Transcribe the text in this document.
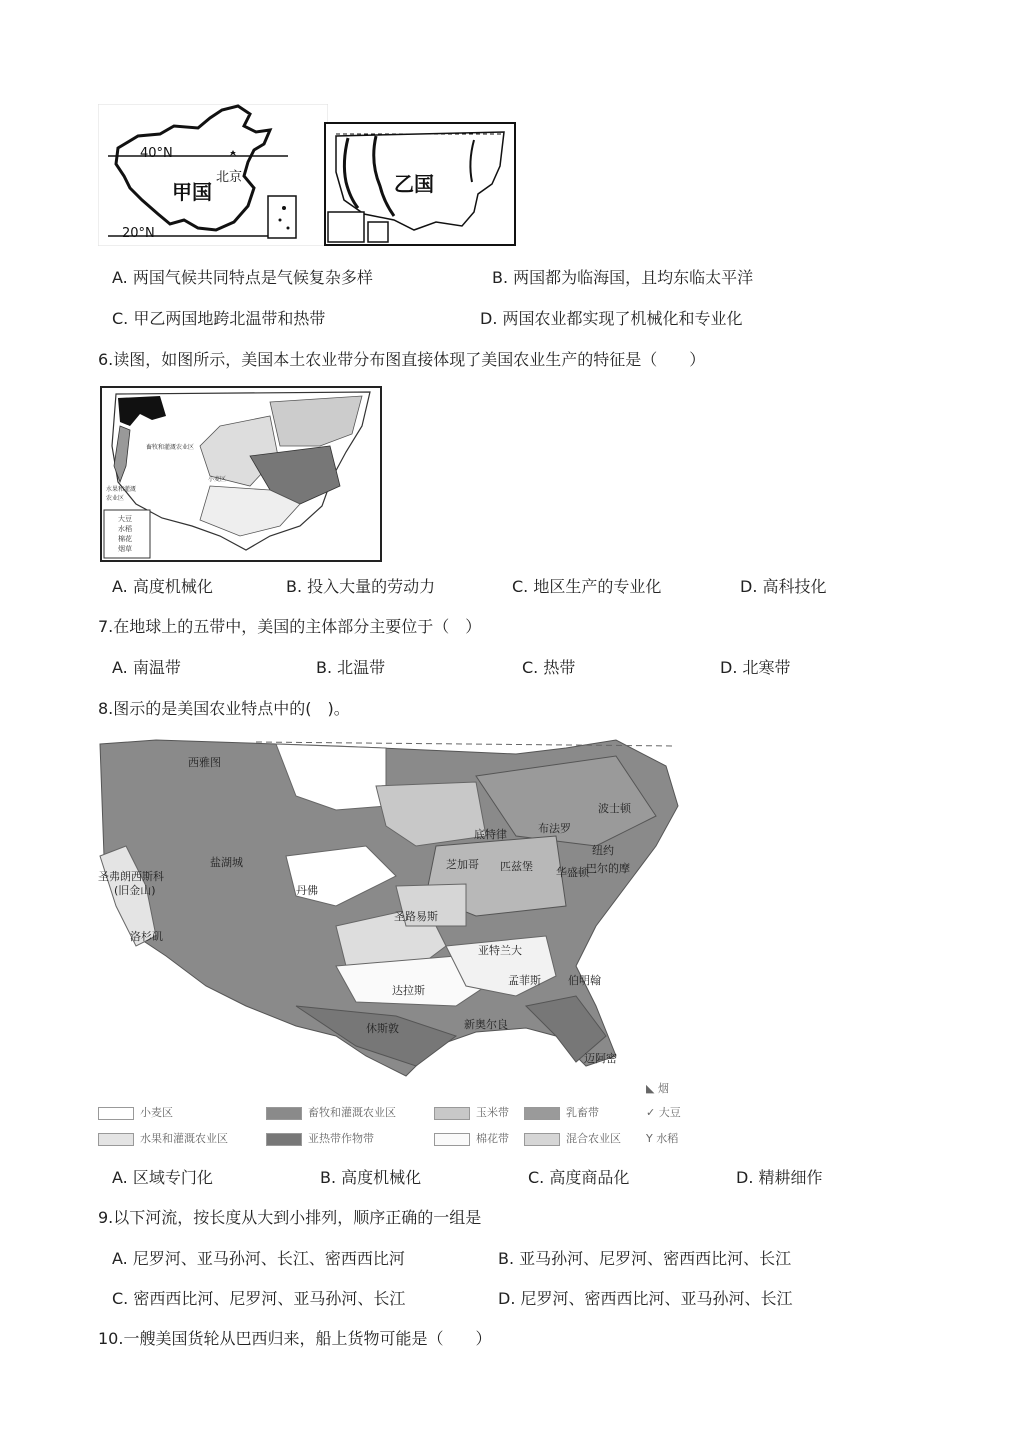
40°N
北京
甲国
20°N
乙国
A. 两国气候共同特点是气候复杂多样	B. 两国都为临海国，且均东临太平洋
C. 甲乙两国地跨北温带和热带	D. 两国农业都实现了机械化和专业化
6.读图，如图所示，美国本土农业带分布图直接体现了美国农业生产的特征是（　　）
畜牧和灌溉农业区
水果和灌溉农业区
小麦区
大豆
水稻
棉花
烟草
A. 高度机械化	B. 投入大量的劳动力	C. 地区生产的专业化	D. 高科技化
7.在地球上的五带中，美国的主体部分主要位于（　）
A. 南温带	B. 北温带	C. 热带	D. 北寒带
8.图示的是美国农业特点中的(　)。
西雅图
盐湖城
圣弗朗西斯科
(旧金山)	丹佛
洛杉矶
底特律	布法罗
波士顿
芝加哥 匹兹堡
纽约
巴尔的摩
华盛顿
圣路易斯
亚特兰大
孟菲斯 伯明翰
达拉斯
休斯敦	新奥尔良
迈阿密
◣ 烟
小麦区	畜牧和灌溉农业区	玉米带	乳畜带	✓ 大豆
水果和灌溉农业区	亚热带作物带	棉花带	混合农业区 Y 水稻
A. 区域专门化	B. 高度机械化	C. 高度商品化	D. 精耕细作
9.以下河流，按长度从大到小排列，顺序正确的一组是
A. 尼罗河、亚马孙河、长江、密西西比河	B. 亚马孙河、尼罗河、密西西比河、长江
C. 密西西比河、尼罗河、亚马孙河、长江	D. 尼罗河、密西西比河、亚马孙河、长江
10.一艘美国货轮从巴西归来，船上货物可能是（　　）
